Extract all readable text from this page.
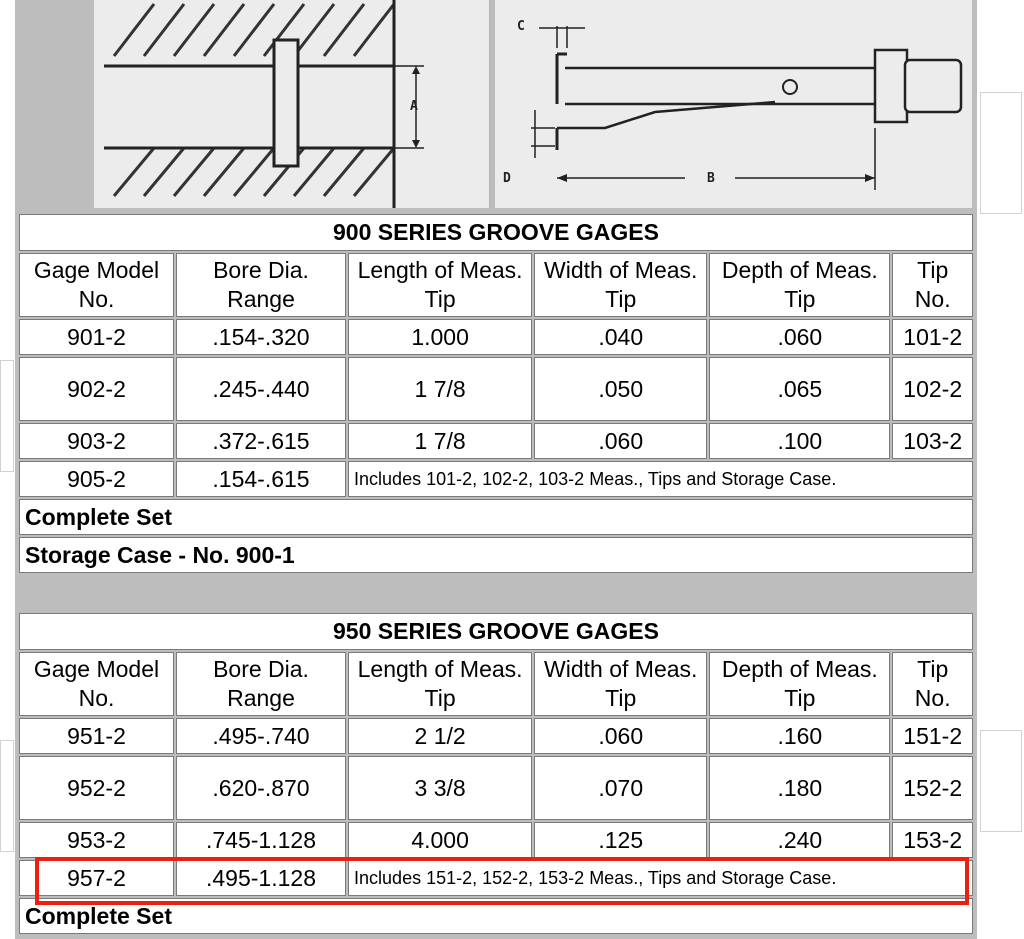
A
C
D	B
900 SERIES GROOVE GAGES					
Gage Model No.	Bore Dia. Range	Length of Meas. Tip	Width of Meas. Tip	Depth of Meas. Tip	Tip No.
901-2	.154-.320	1.000	.040	.060	101-2
902-2	.245-.440	1 7/8	.050	.065	102-2
903-2	.372-.615	1 7/8	.060	.100	103-2
905-2	.154-.615	Includes 101-2, 102-2, 103-2 Meas., Tips and Storage Case.			
Complete Set					
Storage Case - No. 900-1					
950 SERIES GROOVE GAGES					
Gage Model No.	Bore Dia. Range	Length of Meas. Tip	Width of Meas. Tip	Depth of Meas. Tip	Tip No.
951-2	.495-.740	2 1/2	.060	.160	151-2
952-2	.620-.870	3 3/8	.070	.180	152-2
953-2	.745-1.128	4.000	.125	.240	153-2
957-2	.495-1.128	Includes 151-2, 152-2, 153-2 Meas., Tips and Storage Case.			
Complete Set					
